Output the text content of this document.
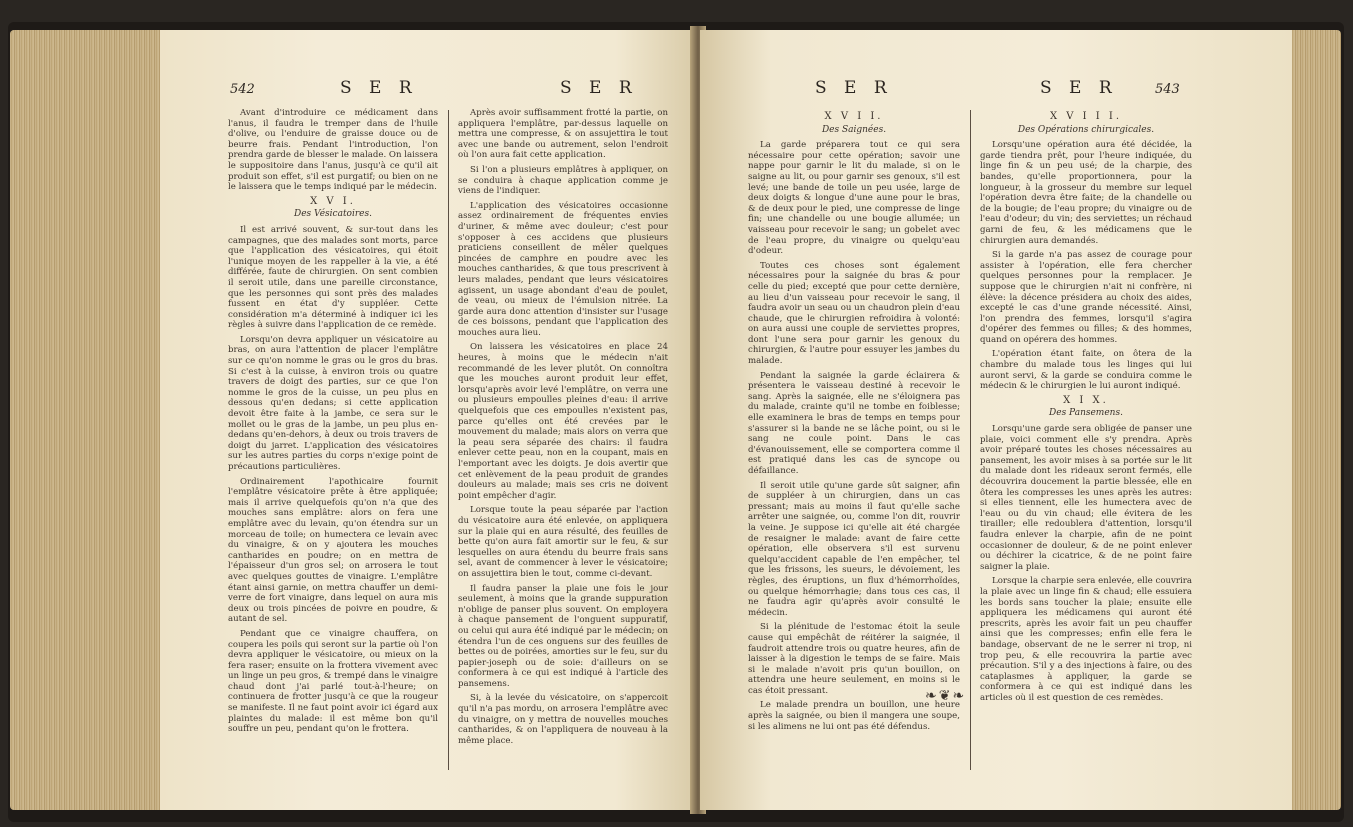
542	S E R	S E R

Avant d'introduire ce médicament dans l'anus, il faudra le tremper dans de l'huile d'olive, ou l'enduire de graisse douce ou de beurre frais. Pendant l'introduction, l'on prendra garde de blesser le malade. On laissera le suppositoire dans l'anus, jusqu'à ce qu'il ait produit son effet, s'il est purgatif; ou bien on ne le laissera que le temps indiqué par le médecin.

X V I.

Des Vésicatoires.

Il est arrivé souvent, & sur-tout dans les campagnes, que des malades sont morts, parce que l'application des vésicatoires, qui étoit l'unique moyen de les rappeller à la vie, a été différée, faute de chirurgien. On sent combien il seroit utile, dans une pareille circonstance, que les personnes qui sont près des malades fussent en état d'y suppléer. Cette considération m'a déterminé à indiquer ici les règles à suivre dans l'application de ce remède.

Lorsqu'on devra appliquer un vésicatoire au bras, on aura l'attention de placer l'emplâtre sur ce qu'on nomme le gras ou le gros du bras. Si c'est à la cuisse, à environ trois ou quatre travers de doigt des parties, sur ce que l'on nomme le gros de la cuisse, un peu plus en dessous qu'en dedans; si cette application devoit être faite à la jambe, ce sera sur le mollet ou le gras de la jambe, un peu plus en-dedans qu'en-dehors, à deux ou trois travers de doigt du jarret. L'application des vésicatoires sur les autres parties du corps n'exige point de précautions particulières.

Ordinairement l'apothicaire fournit l'emplâtre vésicatoire prête à être appliquée; mais il arrive quelquefois qu'on n'a que des mouches sans emplâtre: alors on fera une emplâtre avec du levain, qu'on étendra sur un morceau de toile; on humectera ce levain avec du vinaigre, & on y ajoutera les mouches cantharides en poudre; on en mettra de l'épaisseur d'un gros sel; on arrosera le tout avec quelques gouttes de vinaigre. L'emplâtre étant ainsi garnie, on mettra chauffer un demi-verre de fort vinaigre, dans lequel on aura mis deux ou trois pincées de poivre en poudre, & autant de sel.

Pendant que ce vinaigre chauffera, on coupera les poils qui seront sur la partie où l'on devra appliquer le vésicatoire, ou mieux on la fera raser; ensuite on la frottera vivement avec un linge un peu gros, & trempé dans le vinaigre chaud dont j'ai parlé tout-à-l'heure; on continuera de frotter jusqu'à ce que la rougeur se manifeste. Il ne faut point avoir ici égard aux plaintes du malade: il est même bon qu'il souffre un peu, pendant qu'on le frottera.

Après avoir suffisamment frotté la partie, on appliquera l'emplâtre, par-dessus laquelle on mettra une compresse, & on assujettira le tout avec une bande ou autrement, selon l'endroit où l'on aura fait cette application.

Si l'on a plusieurs emplâtres à appliquer, on se conduira à chaque application comme je viens de l'indiquer.

L'application des vésicatoires occasionne assez ordinairement de fréquentes envies d'uriner, & même avec douleur; c'est pour s'opposer à ces accidens que plusieurs praticiens conseillent de mêler quelques pincées de camphre en poudre avec les mouches cantharides, & que tous prescrivent à leurs malades, pendant que leurs vésicatoires agissent, un usage abondant d'eau de poulet, de veau, ou mieux de l'émulsion nitrée. La garde aura donc attention d'insister sur l'usage de ces boissons, pendant que l'application des mouches aura lieu.

On laissera les vésicatoires en place 24 heures, à moins que le médecin n'ait recommandé de les lever plutôt. On connoîtra que les mouches auront produit leur effet, lorsqu'après avoir levé l'emplâtre, on verra une ou plusieurs empoulles pleines d'eau: il arrive quelquefois que ces empoulles n'existent pas, parce qu'elles ont été crevées par le mouvement du malade; mais alors on verra que la peau sera séparée des chairs: il faudra enlever cette peau, non en la coupant, mais en l'emportant avec les doigts. Je dois avertir que cet enlèvement de la peau produit de grandes douleurs au malade; mais ses cris ne doivent point empêcher d'agir.

Lorsque toute la peau séparée par l'action du vésicatoire aura été enlevée, on appliquera sur la plaie qui en aura résulté, des feuilles de bette qu'on aura fait amortir sur le feu, & sur lesquelles on aura étendu du beurre frais sans sel, avant de commencer à lever le vésicatoire; on assujettira bien le tout, comme ci-devant.

Il faudra panser la plaie une fois le jour seulement, à moins que la grande suppuration n'oblige de panser plus souvent. On employera à chaque pansement de l'onguent suppuratif, ou celui qui aura été indiqué par le médecin; on étendra l'un de ces onguens sur des feuilles de bettes ou de poirées, amorties sur le feu, sur du papier-joseph ou de soie: d'ailleurs on se conformera à ce qui est indiqué à l'article des pansemens.

Si, à la levée du vésicatoire, on s'appercoit qu'il n'a pas mordu, on arrosera l'emplâtre avec du vinaigre, on y mettra de nouvelles mouches cantharides, & on l'appliquera de nouveau à la même place.

S E R	S E R	543

X V I I.

Des Saignées.

La garde préparera tout ce qui sera nécessaire pour cette opération; savoir une nappe pour garnir le lit du malade, si on le saigne au lit, ou pour garnir ses genoux, s'il est levé; une bande de toile un peu usée, large de deux doigts & longue d'une aune pour le bras, & de deux pour le pied, une compresse de linge fin; une chandelle ou une bougie allumée; un vaisseau pour recevoir le sang; un gobelet avec de l'eau propre, du vinaigre ou quelqu'eau d'odeur.

Toutes ces choses sont également nécessaires pour la saignée du bras & pour celle du pied; excepté que pour cette dernière, au lieu d'un vaisseau pour recevoir le sang, il faudra avoir un seau ou un chaudron plein d'eau chaude, que le chirurgien refroidira à volonté: on aura aussi une couple de serviettes propres, dont l'une sera pour garnir les genoux du chirurgien, & l'autre pour essuyer les jambes du malade.

Pendant la saignée la garde éclairera & présentera le vaisseau destiné à recevoir le sang. Après la saignée, elle ne s'éloignera pas du malade, crainte qu'il ne tombe en foiblesse; elle examinera le bras de temps en temps pour s'assurer si la bande ne se lâche point, ou si le sang ne coule point. Dans le cas d'évanouissement, elle se comportera comme il est pratiqué dans les cas de syncope ou défaillance.

Il seroit utile qu'une garde sût saigner, afin de suppléer à un chirurgien, dans un cas pressant; mais au moins il faut qu'elle sache arrêter une saignée, ou, comme l'on dit, rouvrir la veine. Je suppose ici qu'elle ait été chargée de resaigner le malade: avant de faire cette opération, elle observera s'il est survenu quelqu'accident capable de l'en empêcher, tel que les frissons, les sueurs, le dévoiement, les règles, des éruptions, un flux d'hémorrhoïdes, ou quelque hémorrhagie; dans tous ces cas, il ne faudra agir qu'après avoir consulté le médecin.

Si la plénitude de l'estomac étoit la seule cause qui empêchât de réitérer la saignée, il faudroit attendre trois ou quatre heures, afin de laisser à la digestion le temps de se faire. Mais si le malade n'avoit pris qu'un bouillon, on attendra une heure seulement, en moins si le cas étoit pressant.

Le malade prendra un bouillon, une heure après la saignée, ou bien il mangera une soupe, si les alimens ne lui ont pas été défendus.

X V I I I.

Des Opérations chirurgicales.

Lorsqu'une opération aura été décidée, la garde tiendra prêt, pour l'heure indiquée, du linge fin & un peu usé; de la charpie, des bandes, qu'elle proportionnera, pour la longueur, à la grosseur du membre sur lequel l'opération devra être faite; de la chandelle ou de la bougie; de l'eau propre; du vinaigre ou de l'eau d'odeur; du vin; des serviettes; un réchaud garni de feu, & les médicamens que le chirurgien aura demandés.

Si la garde n'a pas assez de courage pour assister à l'opération, elle fera chercher quelques personnes pour la remplacer. Je suppose que le chirurgien n'ait ni confrère, ni élève: la décence présidera au choix des aides, excepté le cas d'une grande nécessité. Ainsi, l'on prendra des femmes, lorsqu'il s'agira d'opérer des femmes ou filles; & des hommes, quand on opérera des hommes.

L'opération étant faite, on ôtera de la chambre du malade tous les linges qui lui auront servi, & la garde se conduira comme le médecin & le chirurgien le lui auront indiqué.

X I X.

Des Pansemens.

Lorsqu'une garde sera obligée de panser une plaie, voici comment elle s'y prendra. Après avoir préparé toutes les choses nécessaires au pansement, les avoir mises à sa portée sur le lit du malade dont les rideaux seront fermés, elle découvrira doucement la partie blessée, elle en ôtera les compresses les unes après les autres: si elles tiennent, elle les humectera avec de l'eau ou du vin chaud; elle évitera de les tirailler; elle redoublera d'attention, lorsqu'il faudra enlever la charpie, afin de ne point occasionner de douleur, & de ne point enlever ou déchirer la cicatrice, & de ne point faire saigner la plaie.

Lorsque la charpie sera enlevée, elle couvrira la plaie avec un linge fin & chaud; elle essuiera les bords sans toucher la plaie; ensuite elle appliquera les médicamens qui auront été prescrits, après les avoir fait un peu chauffer ainsi que les compresses; enfin elle fera le bandage, observant de ne le serrer ni trop, ni trop peu, & elle recouvrira la partie avec précaution. S'il y a des injections à faire, ou des cataplasmes à appliquer, la garde se conformera à ce qui est indiqué dans les articles où il est question de ces remèdes.

❧❦❧
